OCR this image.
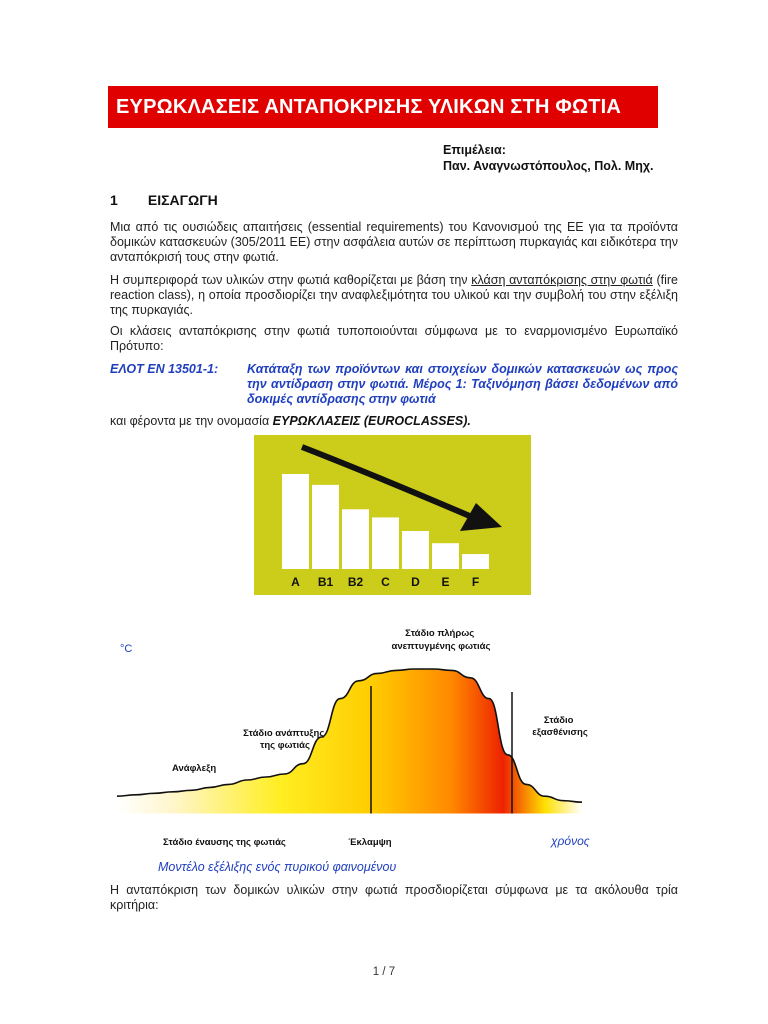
ΕΥΡΩΚΛΑΣΕΙΣ ΑΝΤΑΠΟΚΡΙΣΗΣ ΥΛΙΚΩΝ ΣΤΗ ΦΩΤΙΑ
Επιμέλεια:
Παν. Αναγνωστόπουλος, Πολ. Μηχ.
1 ΕΙΣΑΓΩΓΗ
Μια από τις ουσιώδεις απαιτήσεις (essential requirements) του Κανονισμού της ΕΕ για τα προϊόντα δομικών κατασκευών (305/2011 ΕΕ) στην ασφάλεια αυτών σε περίπτωση πυρκαγιάς και ειδικότερα την ανταπόκρισή τους στην φωτιά.
Η συμπεριφορά των υλικών στην φωτιά καθορίζεται με βάση την κλάση ανταπόκρισης στην φωτιά (fire reaction class), η οποία προσδιορίζει την αναφλεξιμότητα του υλικού και την συμβολή του στην εξέλιξη της πυρκαγιάς.
Οι κλάσεις ανταπόκρισης στην φωτιά τυποποιούνται σύμφωνα με το εναρμονισμένο Ευρωπαϊκό Πρότυπο:
ΕΛΟΤ ΕΝ 13501-1: Κατάταξη των προϊόντων και στοιχείων δομικών κατασκευών ως προς την αντίδραση στην φωτιά. Μέρος 1: Ταξινόμηση βάσει δεδομένων από δοκιμές αντίδρασης στην φωτιά
και φέροντα με την ονομασία ΕΥΡΩΚΛΑΣΕΙΣ (EUROCLASSES).
A B1 B2 C D E F
°C
χρόνος
Ανάφλεξη
Στάδιο ανάπτυξης της φωτιάς
Στάδιο πλήρως ανεπτυγμένης φωτιάς
Στάδιο εξασθένισης
Στάδιο έναυσης της φωτιάς	Έκλαμψη
Μοντέλο εξέλιξης ενός πυρικού φαινομένου
Η ανταπόκριση των δομικών υλικών στην φωτιά προσδιορίζεται σύμφωνα με τα ακόλουθα τρία κριτήρια:
1 / 7
